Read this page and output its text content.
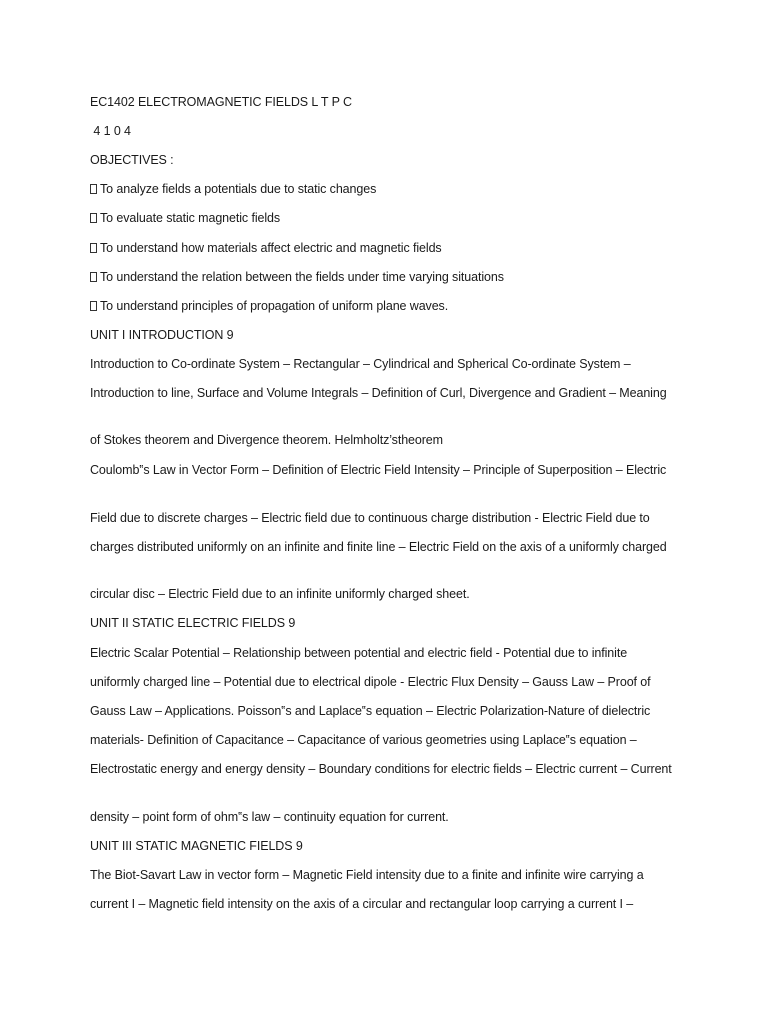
EC1402 ELECTROMAGNETIC FIELDS L T P C
4 1 0 4
OBJECTIVES :
To analyze fields a potentials due to static changes
To evaluate static magnetic fields
To understand how materials affect electric and magnetic fields
To understand the relation between the fields under time varying situations
To understand principles of propagation of uniform plane waves.
UNIT I INTRODUCTION 9
Introduction to Co-ordinate System – Rectangular – Cylindrical and Spherical Co-ordinate System –
Introduction to line, Surface and Volume Integrals – Definition of Curl, Divergence and Gradient – Meaning
of Stokes theorem and Divergence theorem. Helmholtz’stheorem
Coulomb‟s Law in Vector Form – Definition of Electric Field Intensity – Principle of Superposition – Electric
Field due to discrete charges – Electric field due to continuous charge distribution - Electric Field due to
charges distributed uniformly on an infinite and finite line – Electric Field on the axis of a uniformly charged
circular disc – Electric Field due to an infinite uniformly charged sheet.
UNIT II STATIC ELECTRIC FIELDS 9
Electric Scalar Potential – Relationship between potential and electric field - Potential due to infinite
uniformly charged line – Potential due to electrical dipole - Electric Flux Density – Gauss Law – Proof of
Gauss Law – Applications. Poisson‟s and Laplace‟s equation – Electric Polarization-Nature of dielectric
materials- Definition of Capacitance – Capacitance of various geometries using Laplace‟s equation –
Electrostatic energy and energy density – Boundary conditions for electric fields – Electric current – Current
density – point form of ohm‟s law – continuity equation for current.
UNIT III STATIC MAGNETIC FIELDS 9
The Biot-Savart Law in vector form – Magnetic Field intensity due to a finite and infinite wire carrying a
current I – Magnetic field intensity on the axis of a circular and rectangular loop carrying a current I –
